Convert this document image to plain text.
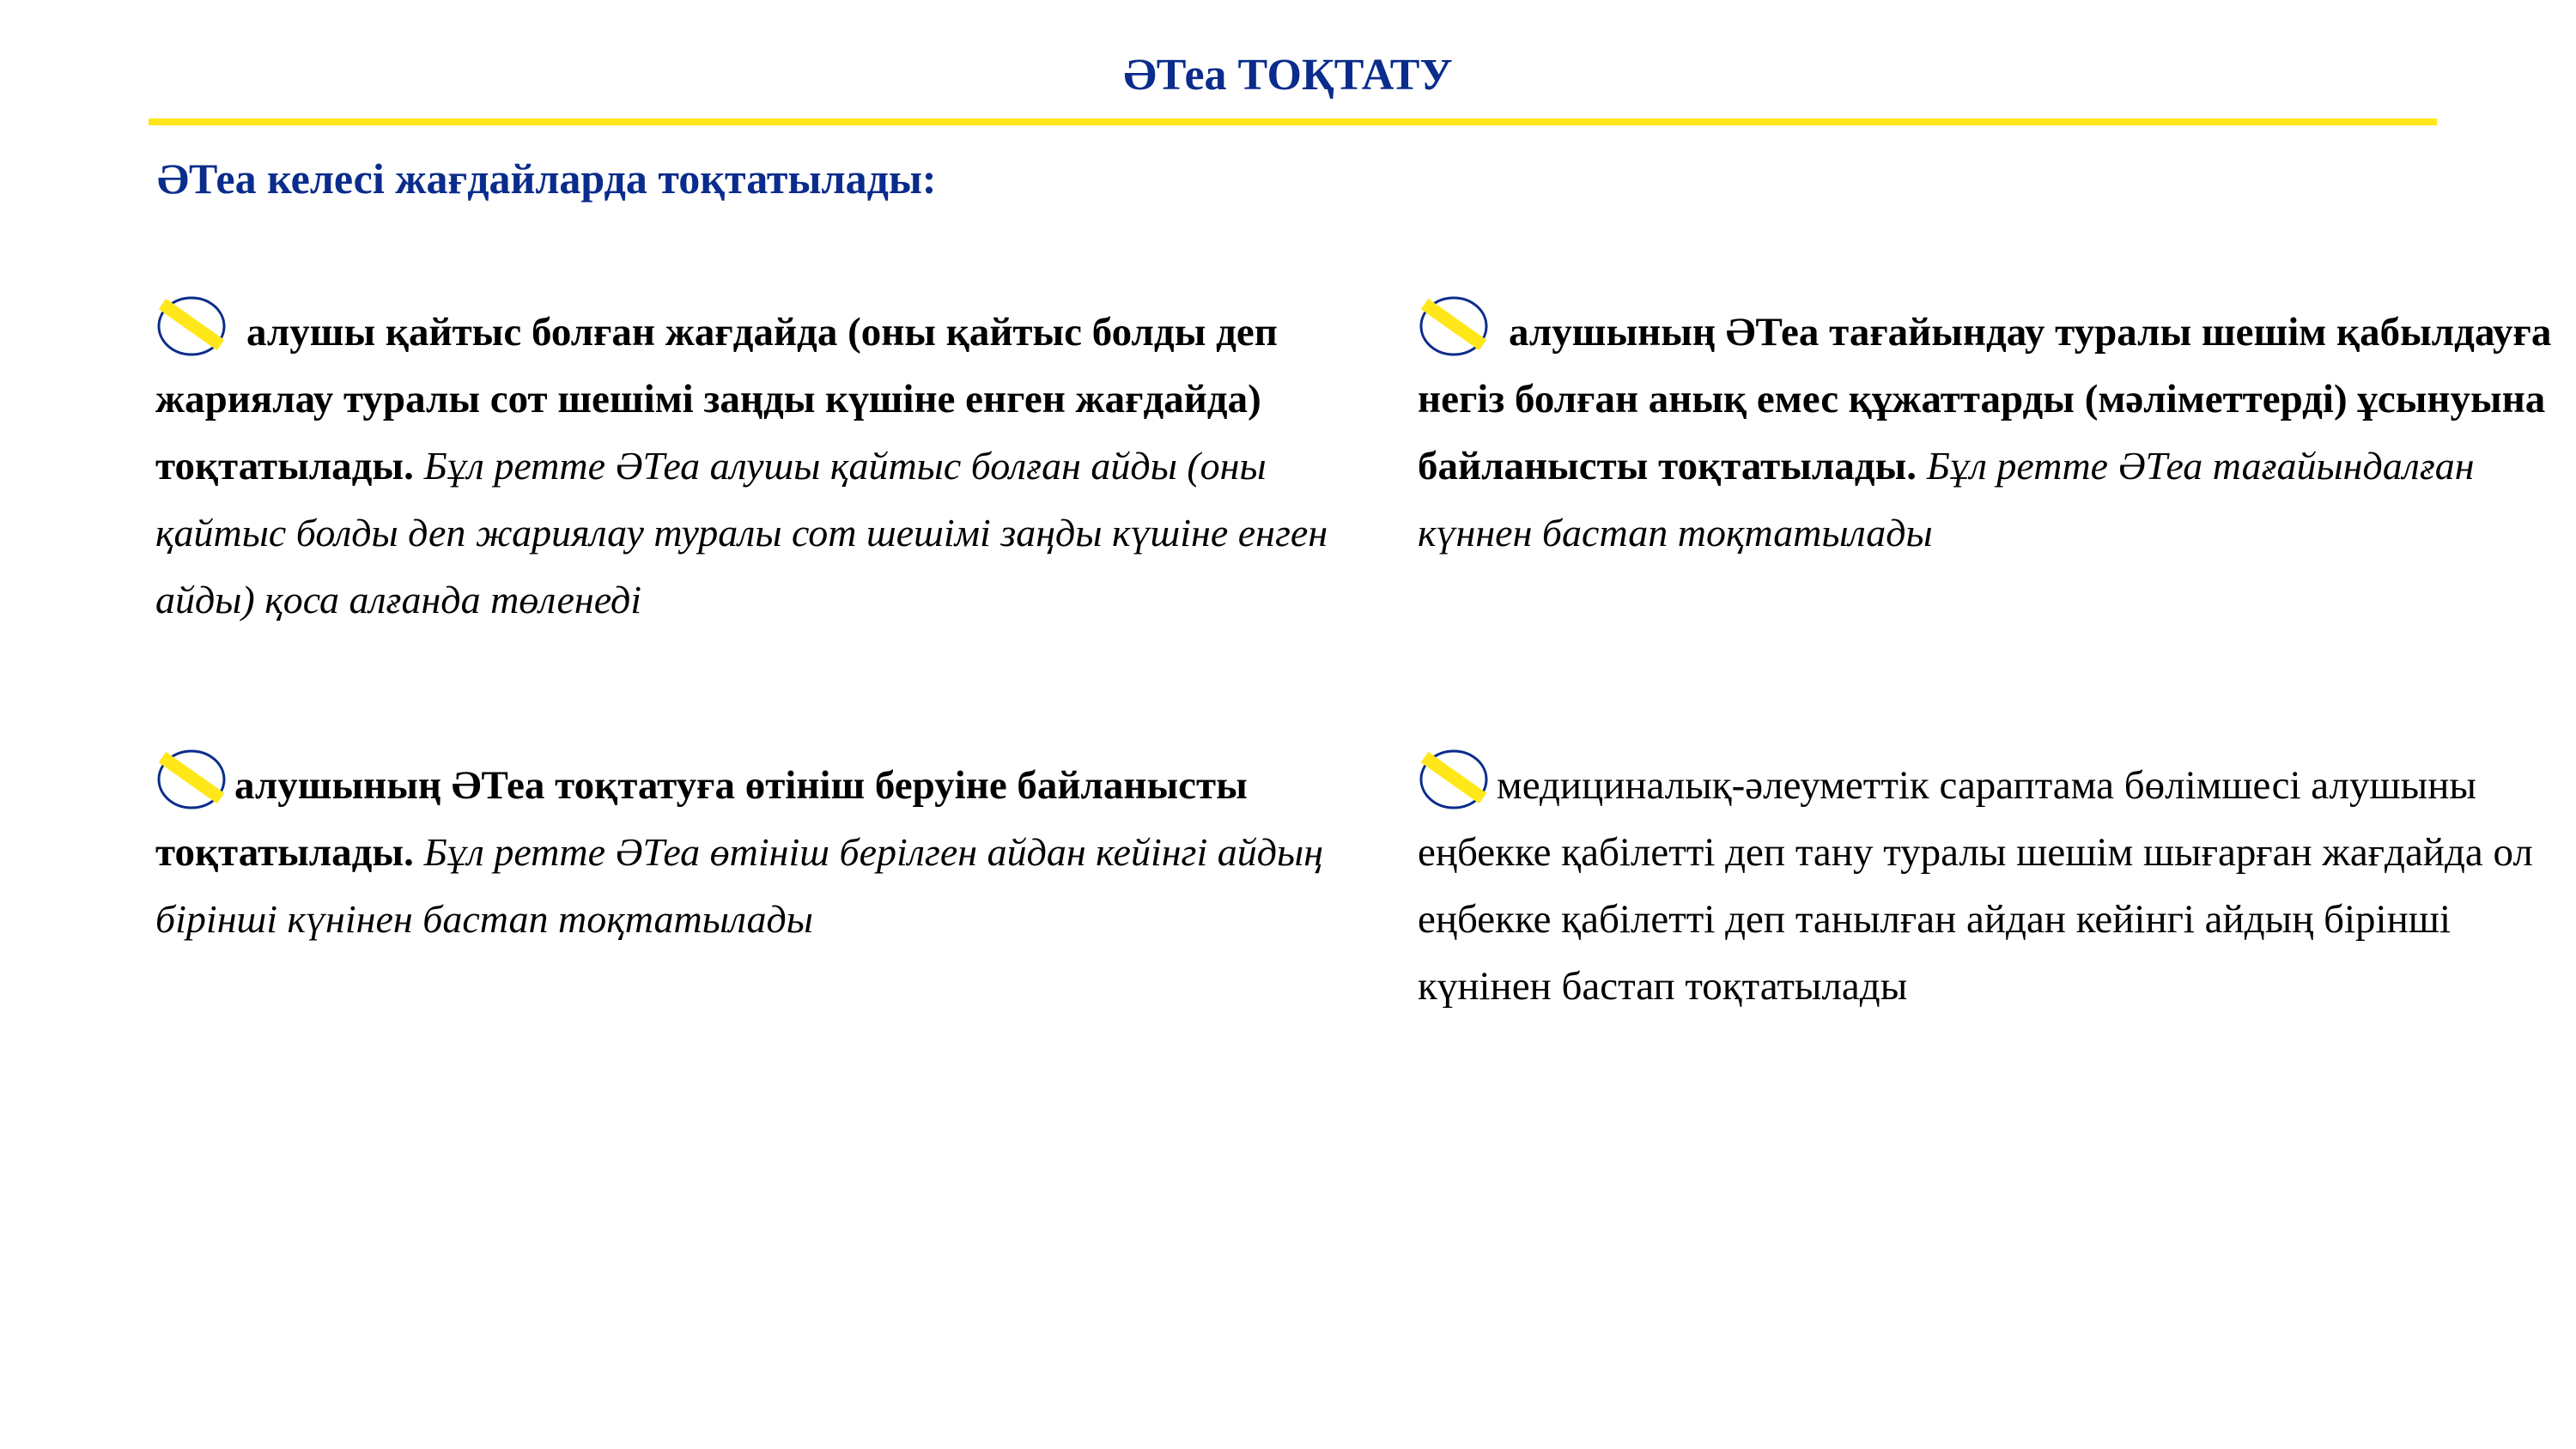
ӘТеа ТОҚТАТУ
ӘТеа келесі жағдайларда тоқтатылады:
алушы қайтыс болған жағдайда (оны қайтыс болды деп жариялау туралы сот шешімі заңды күшіне енген жағдайда) тоқтатылады. Бұл ретте ӘТеа алушы қайтыс болған айды (оны қайтыс болды деп жариялау туралы сот шешімі заңды күшіне енген айды) қоса алғанда төленеді
алушының ӘТеа тағайындау туралы шешім қабылдауға негіз болған анық емес құжаттарды (мәліметтерді) ұсынуына байланысты тоқтатылады. Бұл ретте ӘТеа тағайындалған күннен бастап тоқтатылады
алушының ӘТеа тоқтатуға өтініш беруіне байланысты тоқтатылады. Бұл ретте ӘТеа өтініш берілген айдан кейінгі айдың бірінші күнінен бастап тоқтатылады
медициналық-әлеуметтік сараптама бөлімшесі алушыны еңбекке қабілетті деп тану туралы шешім шығарған жағдайда ол еңбекке қабілетті деп танылған айдан кейінгі айдың бірінші күнінен бастап тоқтатылады
